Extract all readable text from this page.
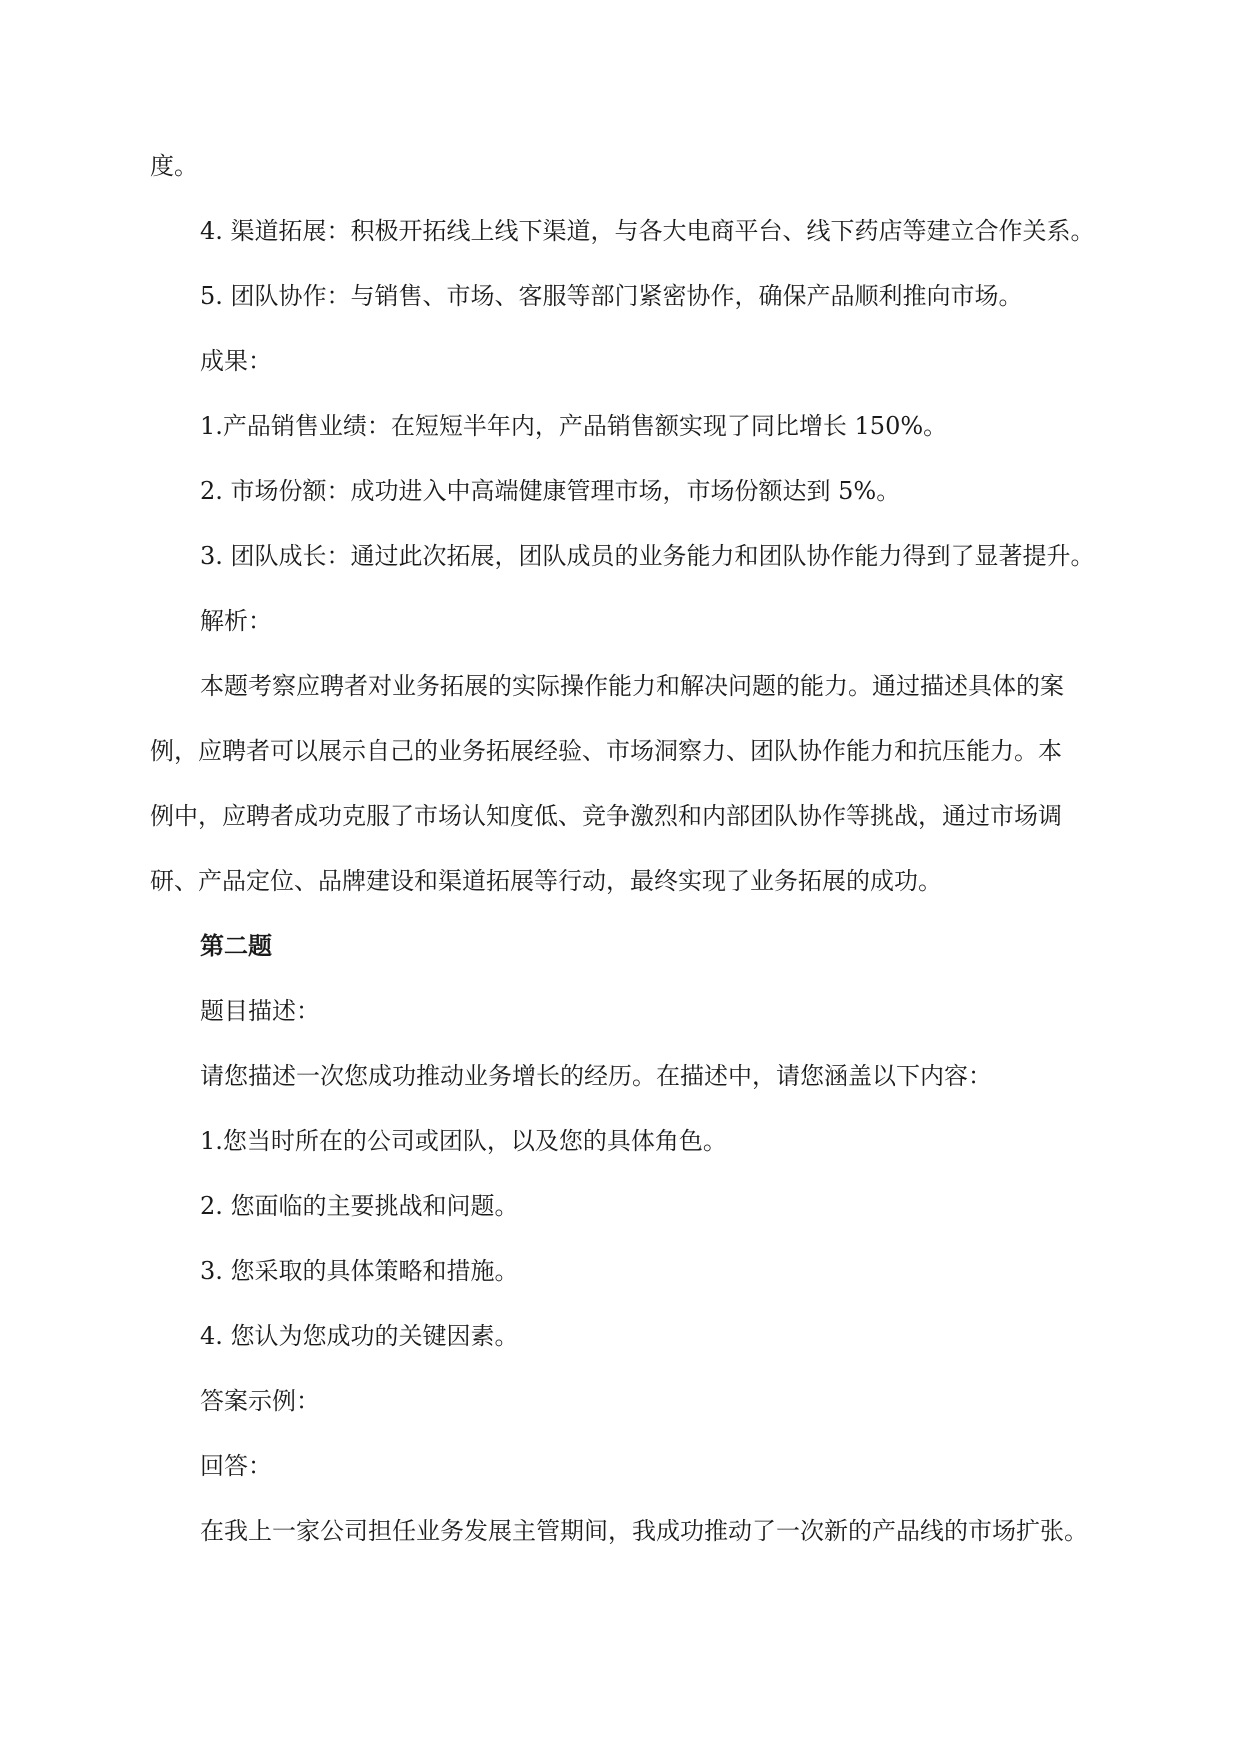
度。
4. 渠道拓展：积极开拓线上线下渠道，与各大电商平台、线下药店等建立合作关系。
5. 团队协作：与销售、市场、客服等部门紧密协作，确保产品顺利推向市场。
成果：
1.产品销售业绩：在短短半年内，产品销售额实现了同比增长 150%。
2. 市场份额：成功进入中高端健康管理市场，市场份额达到 5%。
3. 团队成长：通过此次拓展，团队成员的业务能力和团队协作能力得到了显著提升。
解析：
本题考察应聘者对业务拓展的实际操作能力和解决问题的能力。通过描述具体的案
例，应聘者可以展示自己的业务拓展经验、市场洞察力、团队协作能力和抗压能力。本
例中，应聘者成功克服了市场认知度低、竞争激烈和内部团队协作等挑战，通过市场调
研、产品定位、品牌建设和渠道拓展等行动，最终实现了业务拓展的成功。
第二题
题目描述：
请您描述一次您成功推动业务增长的经历。在描述中，请您涵盖以下内容：
1.您当时所在的公司或团队，以及您的具体角色。
2. 您面临的主要挑战和问题。
3. 您采取的具体策略和措施。
4. 您认为您成功的关键因素。
答案示例：
回答：
在我上一家公司担任业务发展主管期间，我成功推动了一次新的产品线的市场扩张。
